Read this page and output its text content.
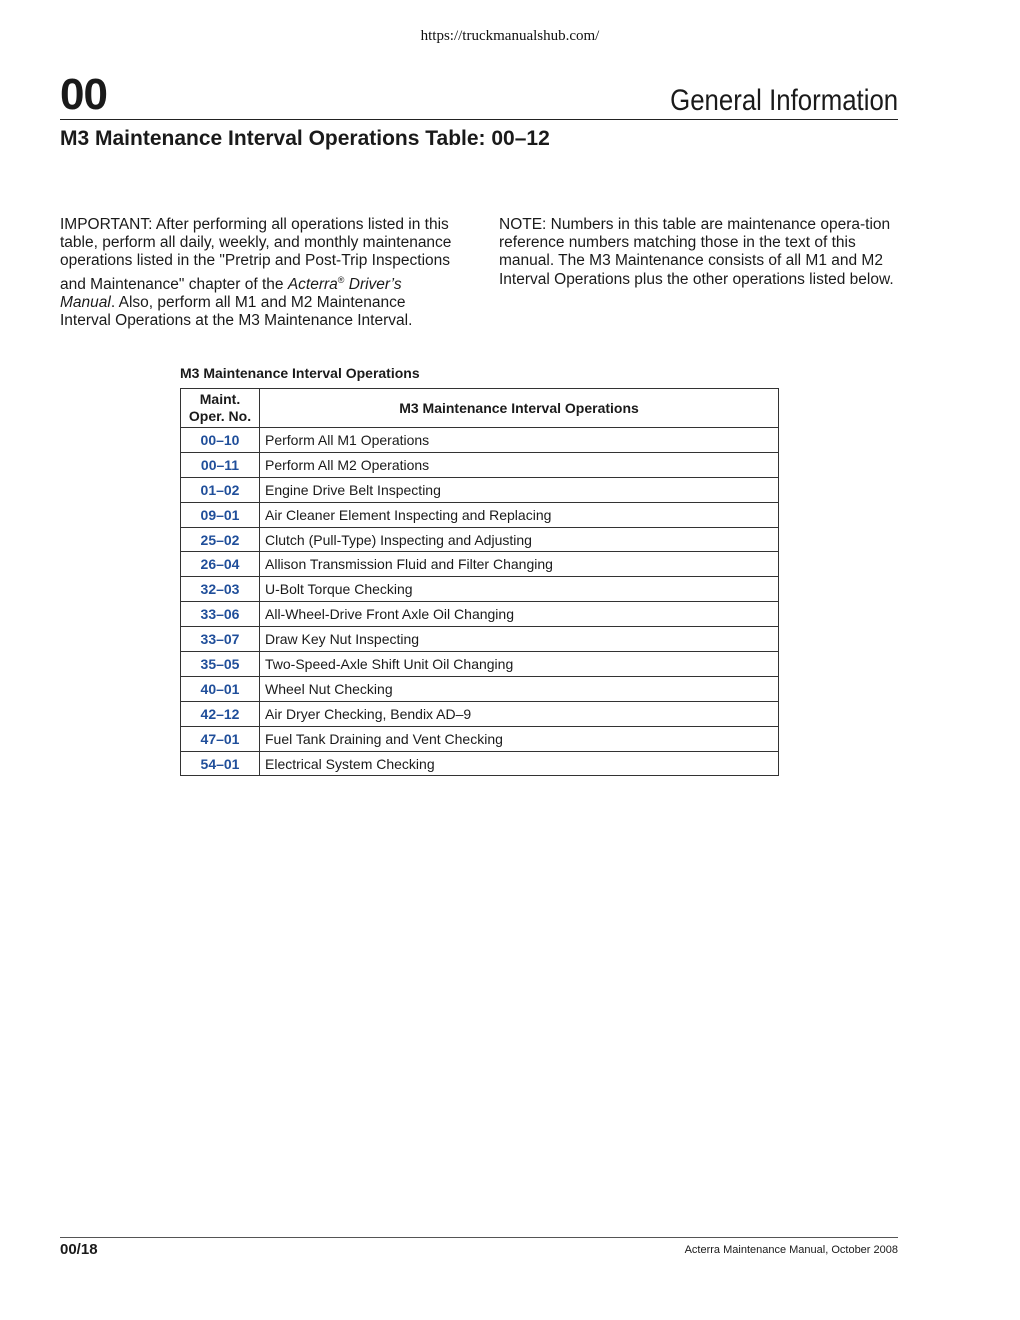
https://truckmanualshub.com/
00	General Information
M3 Maintenance Interval Operations Table: 00–12
IMPORTANT: After performing all operations listed in this table, perform all daily, weekly, and monthly maintenance operations listed in the "Pretrip and Post-Trip Inspections and Maintenance" chapter of the Acterra® Driver’s Manual. Also, perform all M1 and M2 Maintenance Interval Operations at the M3 Maintenance Interval.
NOTE: Numbers in this table are maintenance opera-tion reference numbers matching those in the text of this manual. The M3 Maintenance consists of all M1 and M2 Interval Operations plus the other operations listed below.
M3 Maintenance Interval Operations
Maint.
Oper. No.	M3 Maintenance Interval Operations
00–10	Perform All M1 Operations
00–11	Perform All M2 Operations
01–02	Engine Drive Belt Inspecting
09–01	Air Cleaner Element Inspecting and Replacing
25–02	Clutch (Pull-Type) Inspecting and Adjusting
26–04	Allison Transmission Fluid and Filter Changing
32–03	U-Bolt Torque Checking
33–06	All-Wheel-Drive Front Axle Oil Changing
33–07	Draw Key Nut Inspecting
35–05	Two-Speed-Axle Shift Unit Oil Changing
40–01	Wheel Nut Checking
42–12	Air Dryer Checking, Bendix AD–9
47–01	Fuel Tank Draining and Vent Checking
54–01	Electrical System Checking
00/18	Acterra Maintenance Manual, October 2008
